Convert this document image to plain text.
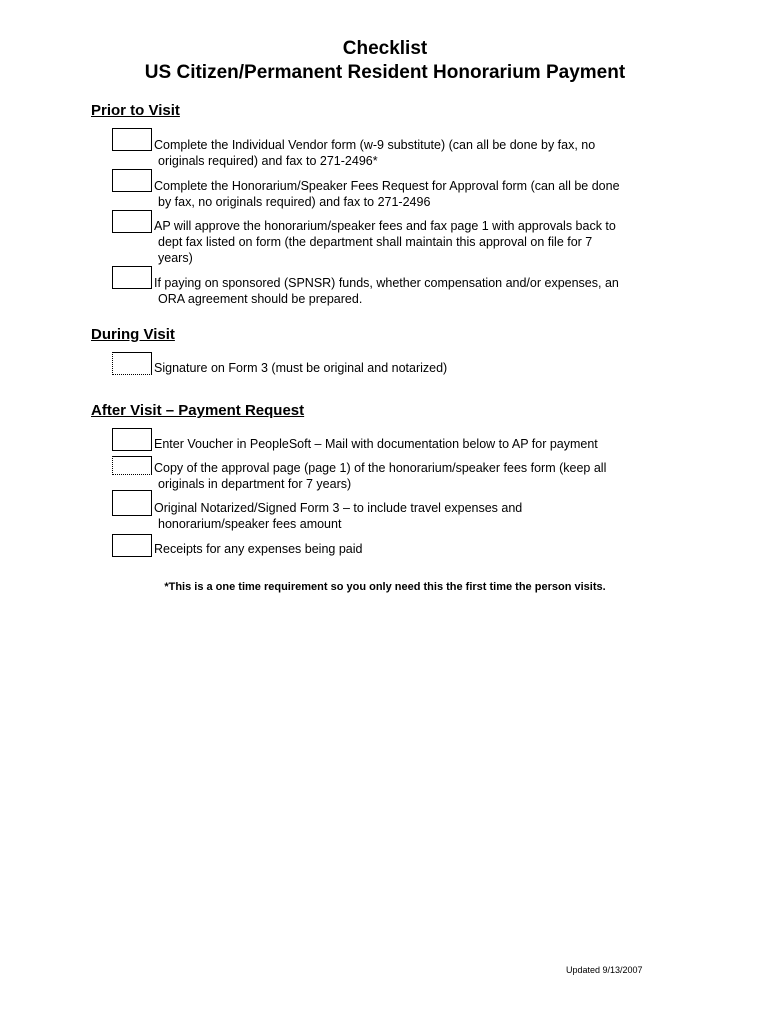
Checklist
US Citizen/Permanent Resident Honorarium Payment
Prior to Visit
Complete the Individual Vendor form (w-9 substitute) (can all be done by fax, no
originals required) and fax to 271-2496*
Complete the Honorarium/Speaker Fees Request for Approval form (can all be done
by fax, no originals required) and fax to 271-2496
AP will approve the honorarium/speaker fees and fax page 1 with approvals back to
dept fax listed on form (the department shall maintain this approval on file for 7
years)
If paying on sponsored (SPNSR) funds, whether compensation and/or expenses, an
ORA agreement should be prepared.
During Visit
Signature on Form 3 (must be original and notarized)
After Visit – Payment Request
Enter Voucher in PeopleSoft – Mail with documentation below to AP for payment
Copy of the approval page (page 1) of the honorarium/speaker fees form (keep all
originals in department for 7 years)
Original Notarized/Signed Form 3 – to include travel expenses and
honorarium/speaker fees amount
Receipts for any expenses being paid
*This is a one time requirement so you only need this the first time the person visits.
Updated 9/13/2007
